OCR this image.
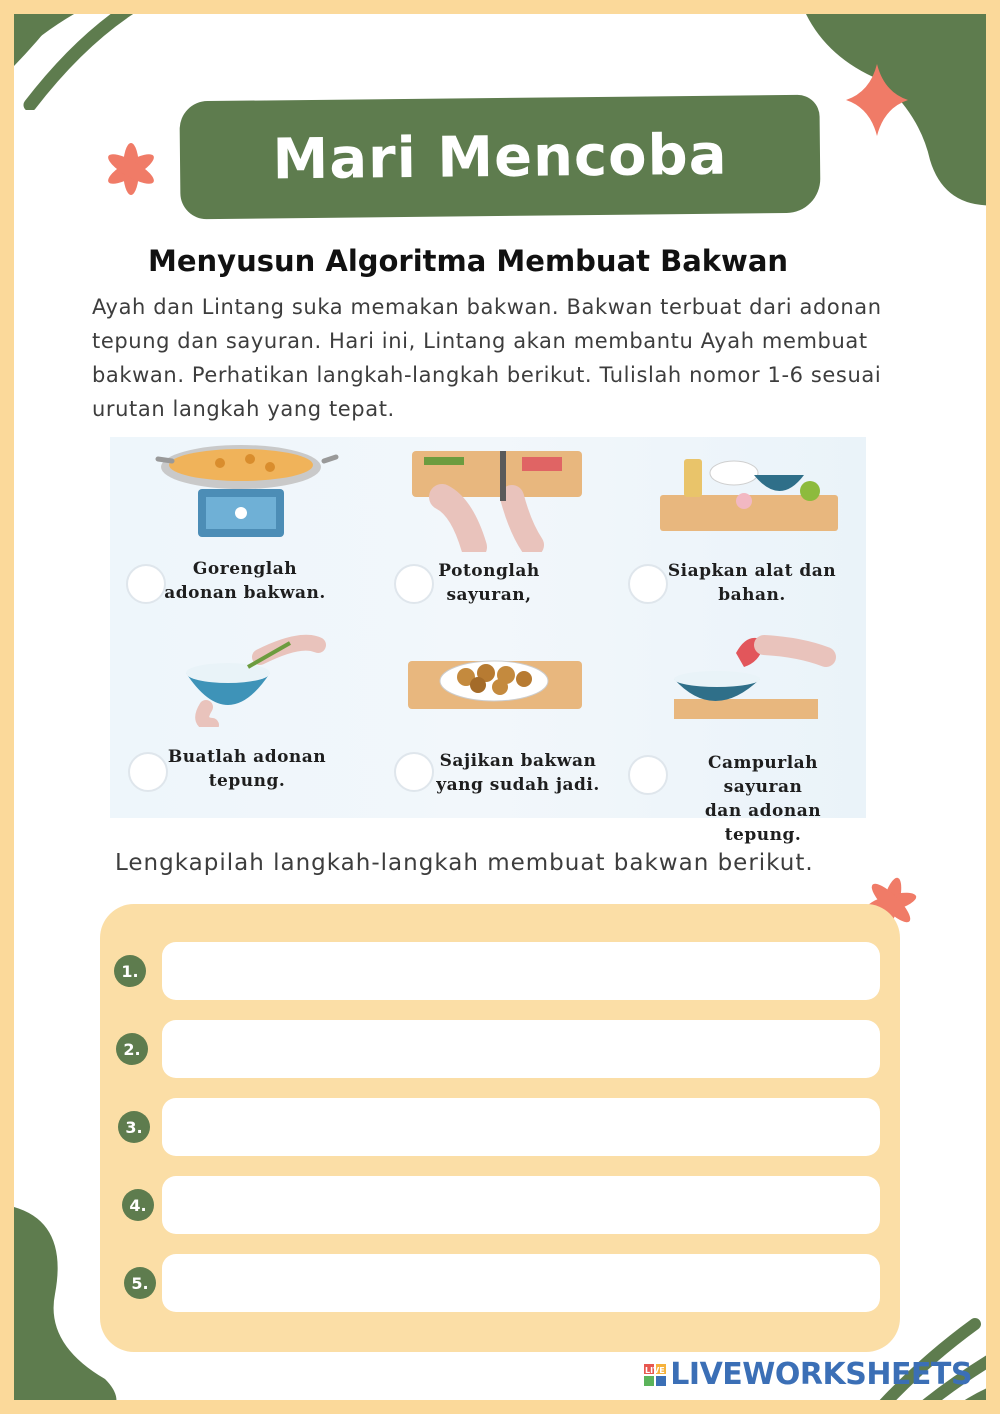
Mari Mencoba
Menyusun Algoritma Membuat Bakwan

Ayah dan Lintang suka memakan bakwan. Bakwan terbuat dari adonan tepung dan sayuran. Hari ini, Lintang akan membantu Ayah membuat bakwan. Perhatikan langkah-langkah berikut. Tulislah nomor 1-6 sesuai urutan langkah yang tepat.

Gorenglah
adonan bakwan.
Potonglah
sayuran,
Siapkan alat dan
bahan.
Buatlah adonan
tepung.
Sajikan bakwan
yang sudah jadi.
Campurlah sayuran
dan adonan tepung.
Lengkapilah langkah-langkah membuat bakwan berikut.
1.
2.
3.
4.
5.
LIVE LIVEWORKSHEETS
